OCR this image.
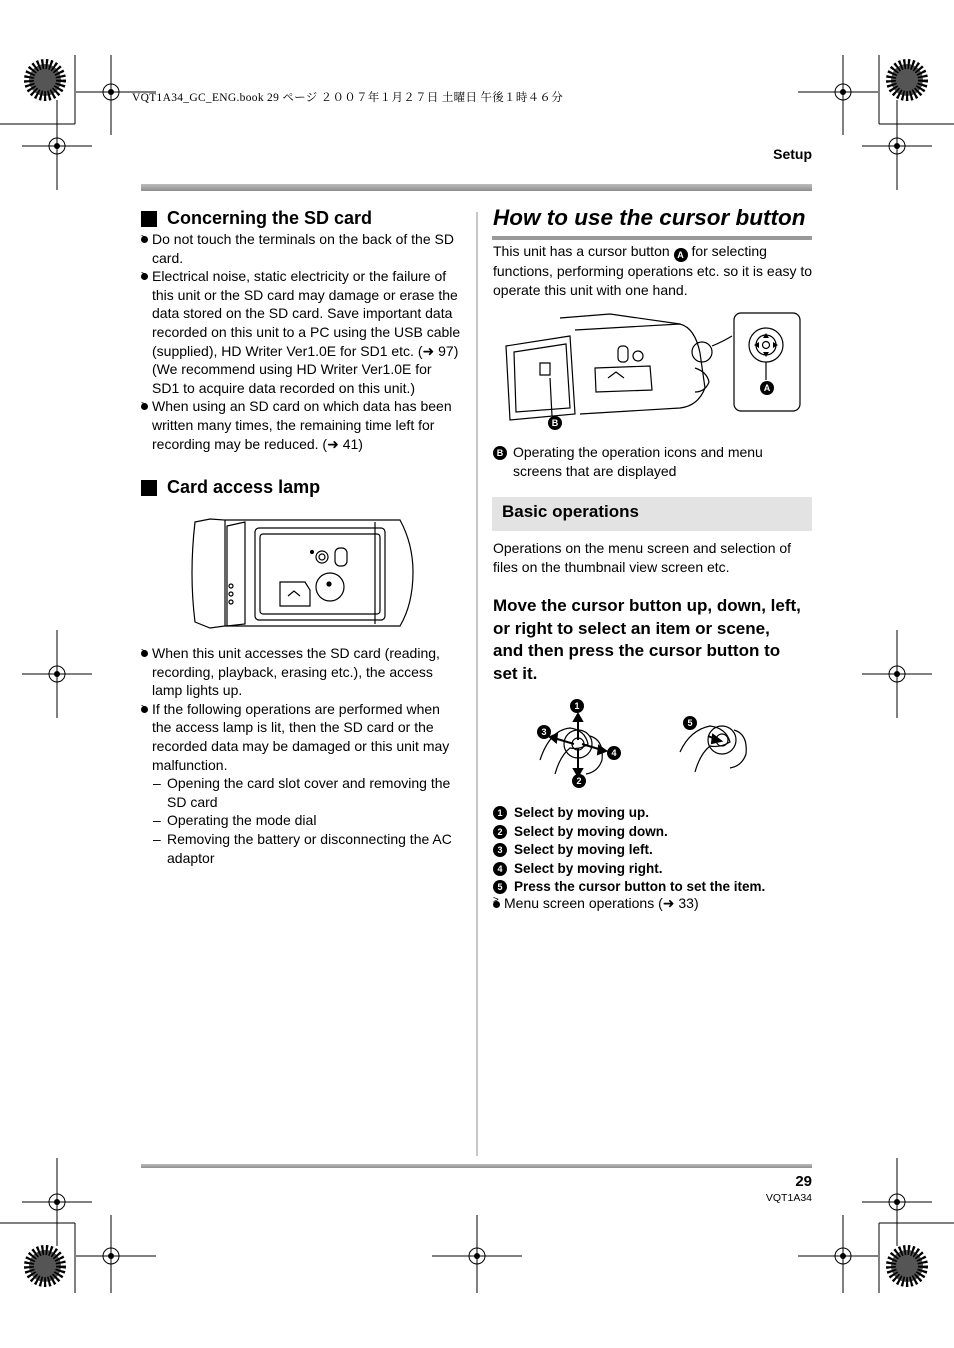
VQT1A34_GC_ENG.book 29 ページ ２００７年１月２７日 土曜日 午後１時４６分
Setup
Concerning the SD card
≥ Do not touch the terminals on the back of the SD card.
≥ Electrical noise, static electricity or the failure of this unit or the SD card may damage or erase the data stored on the SD card. Save important data recorded on this unit to a PC using the USB cable (supplied), HD Writer Ver1.0E for SD1 etc. (➜ 97) (We recommend using HD Writer Ver1.0E for SD1 to acquire data recorded on this unit.)
≥ When using an SD card on which data has been written many times, the remaining time left for recording may be reduced. (➜ 41)
Card access lamp
≥ When this unit accesses the SD card (reading, recording, playback, erasing etc.), the access lamp lights up.
≥ If the following operations are performed when the access lamp is lit, then the SD card or the recorded data may be damaged or this unit may malfunction.
– Opening the card slot cover and removing the SD card
– Operating the mode dial
– Removing the battery or disconnecting the AC adaptor
How to use the cursor button
This unit has a cursor button A for selecting functions, performing operations etc. so it is easy to operate this unit with one hand.
A
B
B Operating the operation icons and menu screens that are displayed
Basic operations
Operations on the menu screen and selection of files on the thumbnail view screen etc.
Move the cursor button up, down, left, or right to select an item or scene, and then press the cursor button to set it.
1
2
3
4
5
1 Select by moving up.
2 Select by moving down.
3 Select by moving left.
4 Select by moving right.
5 Press the cursor button to set the item.
≥ Menu screen operations (➜ 33)
29
VQT1A34
